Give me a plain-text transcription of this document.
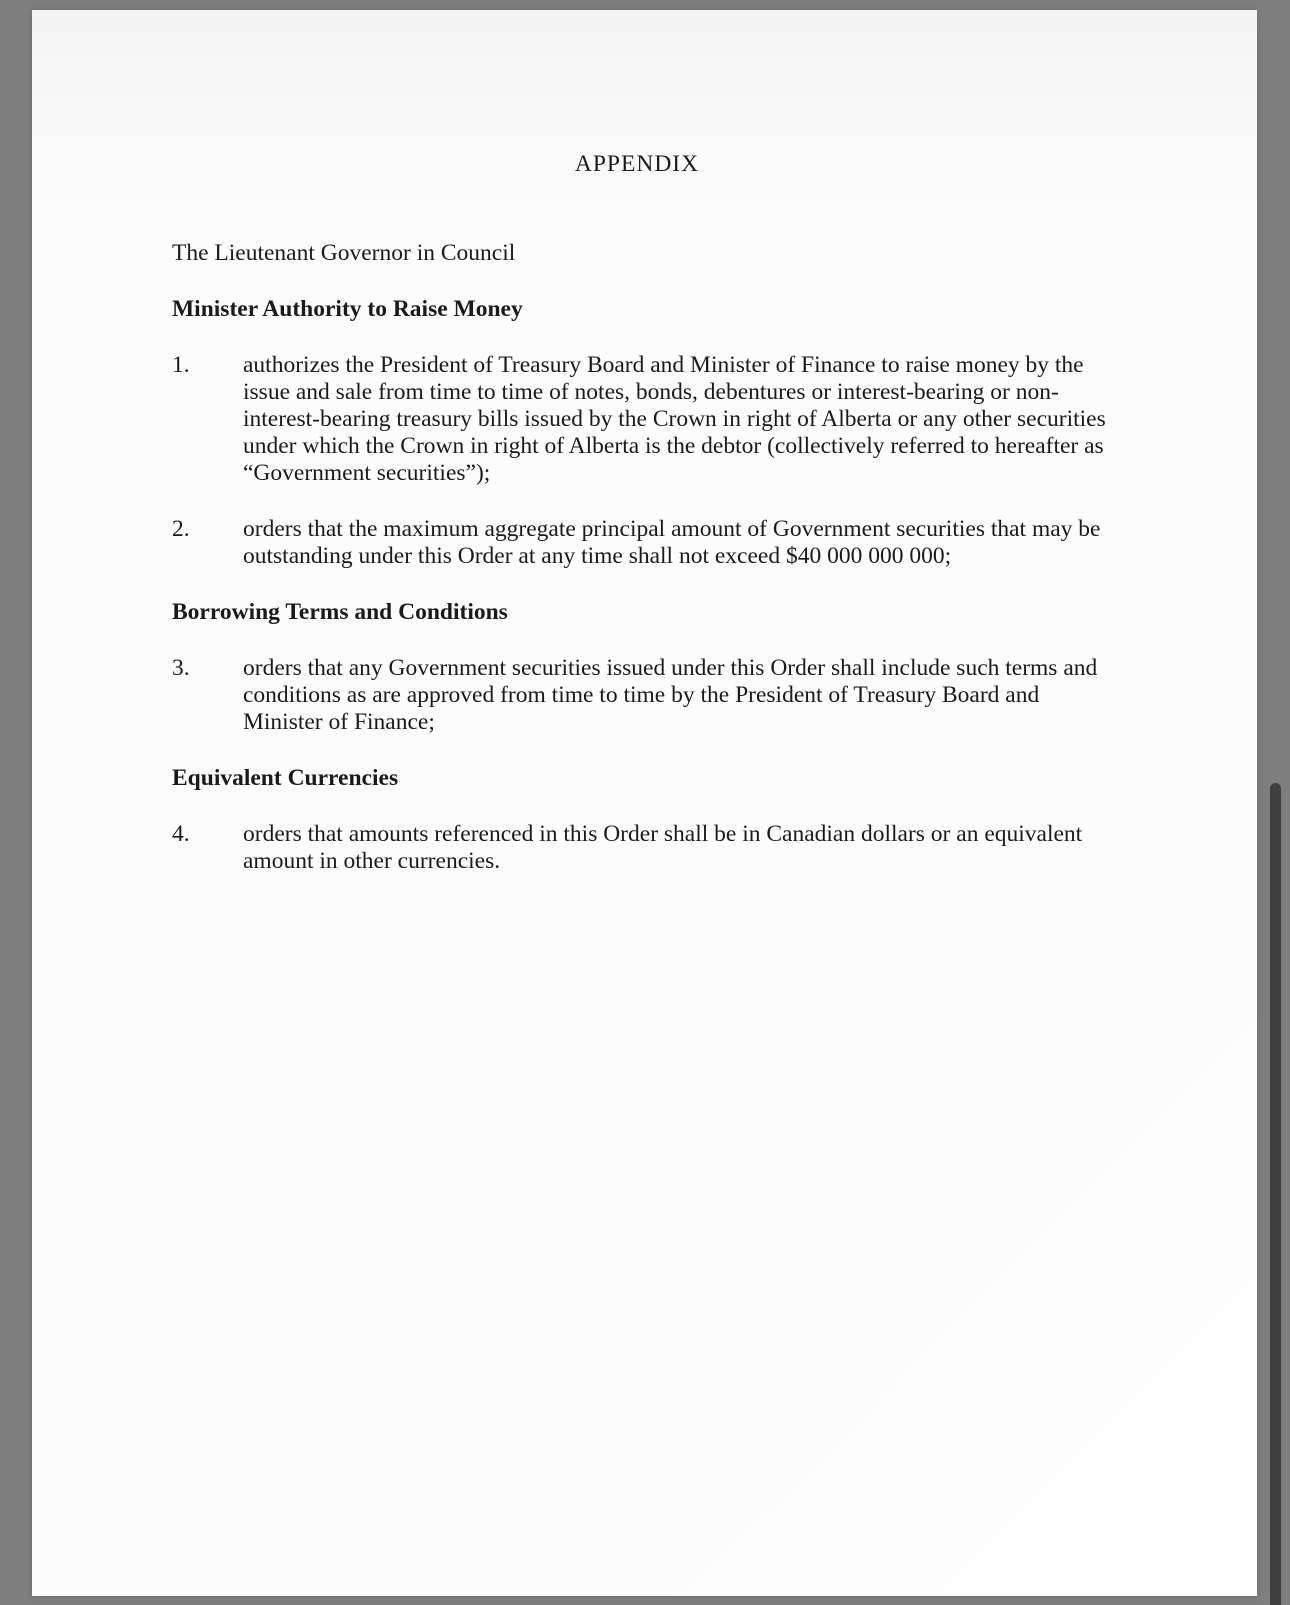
APPENDIX

The Lieutenant Governor in Council

Minister Authority to Raise Money
1.	authorizes the President of Treasury Board and Minister of Finance to raise money by the issue and sale from time to time of notes, bonds, debentures or interest-bearing or non-interest-bearing treasury bills issued by the Crown in right of Alberta or any other securities under which the Crown in right of Alberta is the debtor (collectively referred to hereafter as “Government securities”);
2.	orders that the maximum aggregate principal amount of Government securities that may be outstanding under this Order at any time shall not exceed $40 000 000 000;
Borrowing Terms and Conditions
3.	orders that any Government securities issued under this Order shall include such terms and conditions as are approved from time to time by the President of Treasury Board and Minister of Finance;
Equivalent Currencies
4.	orders that amounts referenced in this Order shall be in Canadian dollars or an equivalent amount in other currencies.
